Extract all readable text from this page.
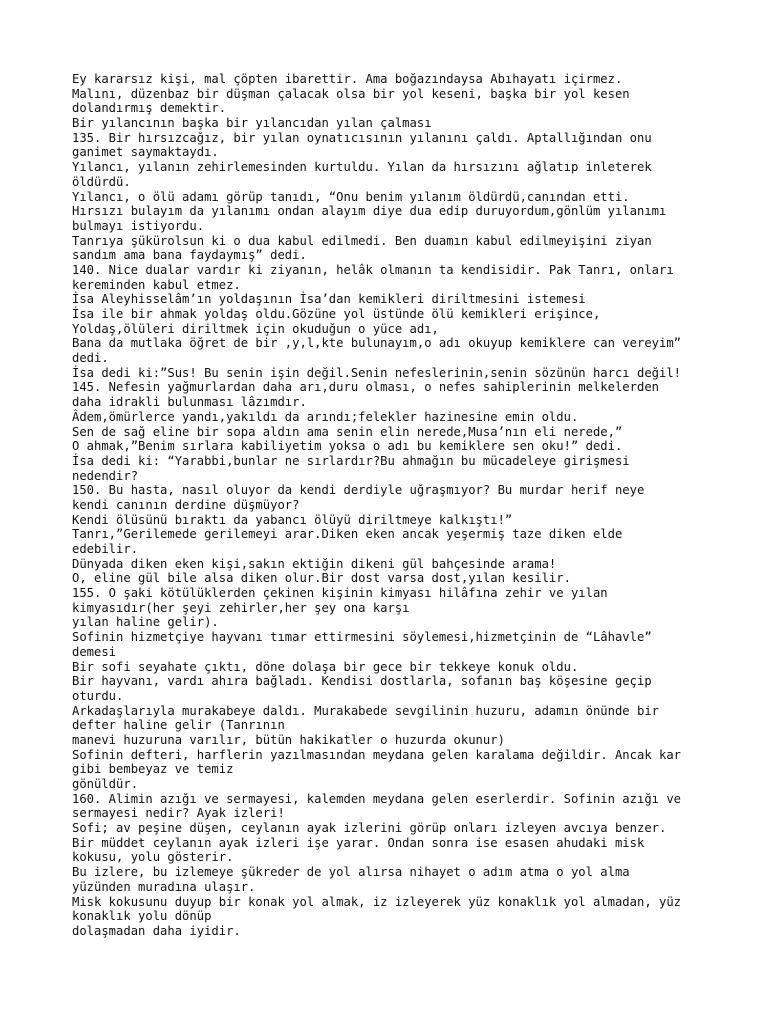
Ey kararsız kişi, mal çöpten ibarettir. Ama boğazındaysa Abıhayatı içirmez.
Malını, düzenbaz bir düşman çalacak olsa bir yol keseni, başka bir yol kesen
dolandırmış demektir.
Bir yılancının başka bir yılancıdan yılan çalması
135. Bir hırsızcağız, bir yılan oynatıcısının yılanını çaldı. Aptallığından onu
ganimet saymaktaydı.
Yılancı, yılanın zehirlemesinden kurtuldu. Yılan da hırsızını ağlatıp inleterek
öldürdü.
Yılancı, o ölü adamı görüp tanıdı, “Onu benim yılanım öldürdü,canından etti.
Hırsızı bulayım da yılanımı ondan alayım diye dua edip duruyordum,gönlüm yılanımı
bulmayı istiyordu.
Tanrıya şükürolsun ki o dua kabul edilmedi. Ben duamın kabul edilmeyişini ziyan
sandım ama bana faydaymış” dedi.
140. Nice dualar vardır ki ziyanın, helâk olmanın ta kendisidir. Pak Tanrı, onları
kereminden kabul etmez.
İsa Aleyhisselâm’ın yoldaşının İsa’dan kemikleri diriltmesini istemesi
İsa ile bir ahmak yoldaş oldu.Gözüne yol üstünde ölü kemikleri erişince,
Yoldaş,ölüleri diriltmek için okuduğun o yüce adı,
Bana da mutlaka öğret de bir ,y,l,kte bulunayım,o adı okuyup kemiklere can vereyim”
dedi.
İsa dedi ki:”Sus! Bu senin işin değil.Senin nefeslerinin,senin sözünün harcı değil!
145. Nefesin yağmurlardan daha arı,duru olması, o nefes sahiplerinin melkelerden
daha idrakli bulunması lâzımdır.
Âdem,ömürlerce yandı,yakıldı da arındı;felekler hazinesine emin oldu.
Sen de sağ eline bir sopa aldın ama senin elin nerede,Musa’nın eli nerede,”
O ahmak,”Benim sırlara kabiliyetim yoksa o adı bu kemiklere sen oku!” dedi.
İsa dedi ki: “Yarabbi,bunlar ne sırlardır?Bu ahmağın bu mücadeleye girişmesi
nedendir?
150. Bu hasta, nasıl oluyor da kendi derdiyle uğraşmıyor? Bu murdar herif neye
kendi canının derdine düşmüyor?
Kendi ölüsünü bıraktı da yabancı ölüyü diriltmeye kalkıştı!”
Tanrı,”Gerilemede gerilemeyi arar.Diken eken ancak yeşermiş taze diken elde
edebilir.
Dünyada diken eken kişi,sakın ektiğin dikeni gül bahçesinde arama!
O, eline gül bile alsa diken olur.Bir dost varsa dost,yılan kesilir.
155. O şaki kötülüklerden çekinen kişinin kimyası hilâfına zehir ve yılan
kimyasıdır(her şeyi zehirler,her şey ona karşı
yılan haline gelir).
Sofinin hizmetçiye hayvanı tımar ettirmesini söylemesi,hizmetçinin de “Lâhavle”
demesi
Bir sofi seyahate çıktı, döne dolaşa bir gece bir tekkeye konuk oldu.
Bir hayvanı, vardı ahıra bağladı. Kendisi dostlarla, sofanın baş köşesine geçip
oturdu.
Arkadaşlarıyla murakabeye daldı. Murakabede sevgilinin huzuru, adamın önünde bir
defter haline gelir (Tanrının
manevi huzuruna varılır, bütün hakikatler o huzurda okunur)
Sofinin defteri, harflerin yazılmasından meydana gelen karalama değildir. Ancak kar
gibi bembeyaz ve temiz
gönüldür.
160. Alimin azığı ve sermayesi, kalemden meydana gelen eserlerdir. Sofinin azığı ve
sermayesi nedir? Ayak izleri!
Sofi; av peşine düşen, ceylanın ayak izlerini görüp onları izleyen avcıya benzer.
Bir müddet ceylanın ayak izleri işe yarar. Ondan sonra ise esasen ahudaki misk
kokusu, yolu gösterir.
Bu izlere, bu izlemeye şükreder de yol alırsa nihayet o adım atma o yol alma
yüzünden muradına ulaşır.
Misk kokusunu duyup bir konak yol almak, iz izleyerek yüz konaklık yol almadan, yüz
konaklık yolu dönüp
dolaşmadan daha iyidir.
